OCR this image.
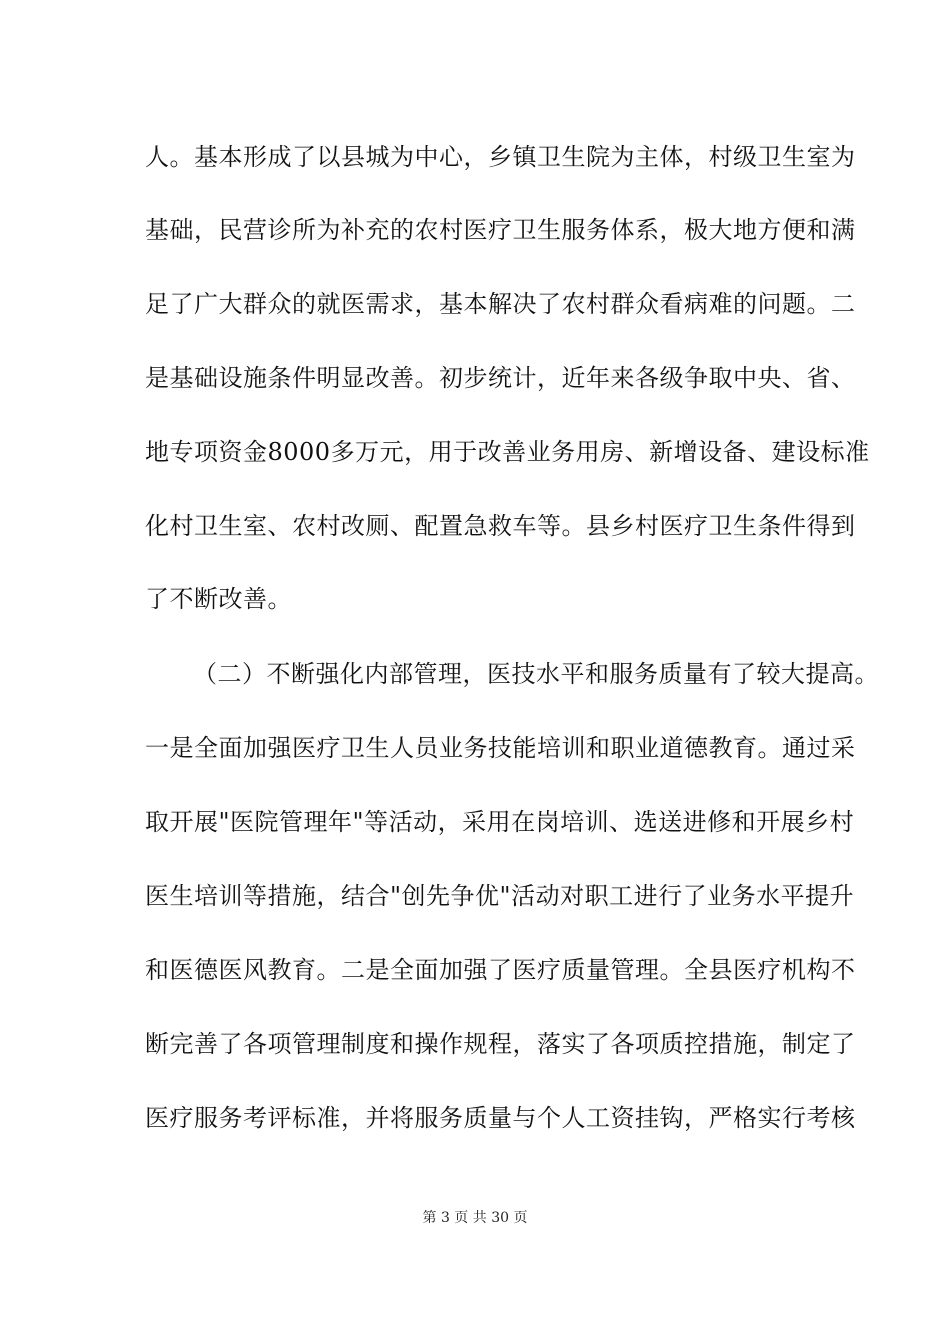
人。基本形成了以县城为中心，乡镇卫生院为主体，村级卫生室为
基础，民营诊所为补充的农村医疗卫生服务体系，极大地方便和满
足了广大群众的就医需求，基本解决了农村群众看病难的问题。二
是基础设施条件明显改善。初步统计，近年来各级争取中央、省、
地专项资金8000多万元，用于改善业务用房、新增设备、建设标准
化村卫生室、农村改厕、配置急救车等。县乡村医疗卫生条件得到
了不断改善。
（二）不断强化内部管理，医技水平和服务质量有了较大提高。
一是全面加强医疗卫生人员业务技能培训和职业道德教育。通过采
取开展"医院管理年"等活动，采用在岗培训、选送进修和开展乡村
医生培训等措施，结合"创先争优"活动对职工进行了业务水平提升
和医德医风教育。二是全面加强了医疗质量管理。全县医疗机构不
断完善了各项管理制度和操作规程，落实了各项质控措施，制定了
医疗服务考评标准，并将服务质量与个人工资挂钩，严格实行考核
第 3 页 共 30 页
